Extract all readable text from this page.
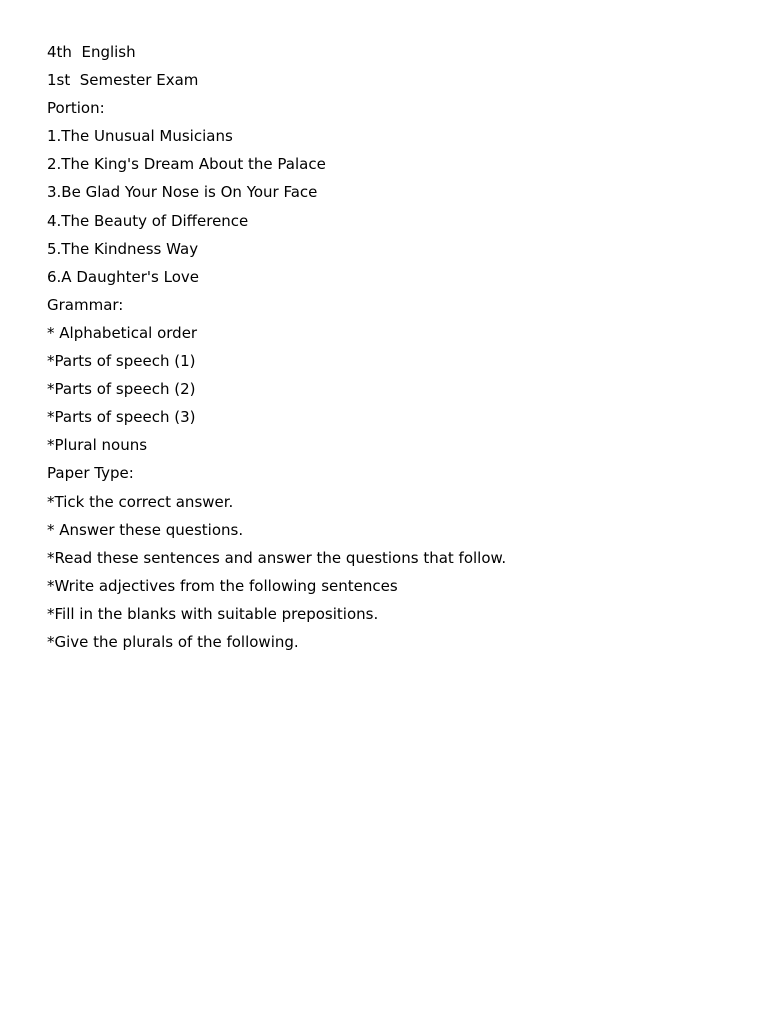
4th  English
1st  Semester Exam
Portion:
1.The Unusual Musicians
2.The King's Dream About the Palace
3.Be Glad Your Nose is On Your Face
4.The Beauty of Difference
5.The Kindness Way
6.A Daughter's Love
Grammar:
* Alphabetical order
*Parts of speech (1)
*Parts of speech (2)
*Parts of speech (3)
*Plural nouns
Paper Type:
*Tick the correct answer.
* Answer these questions.
*Read these sentences and answer the questions that follow.
*Write adjectives from the following sentences
*Fill in the blanks with suitable prepositions.
*Give the plurals of the following.
